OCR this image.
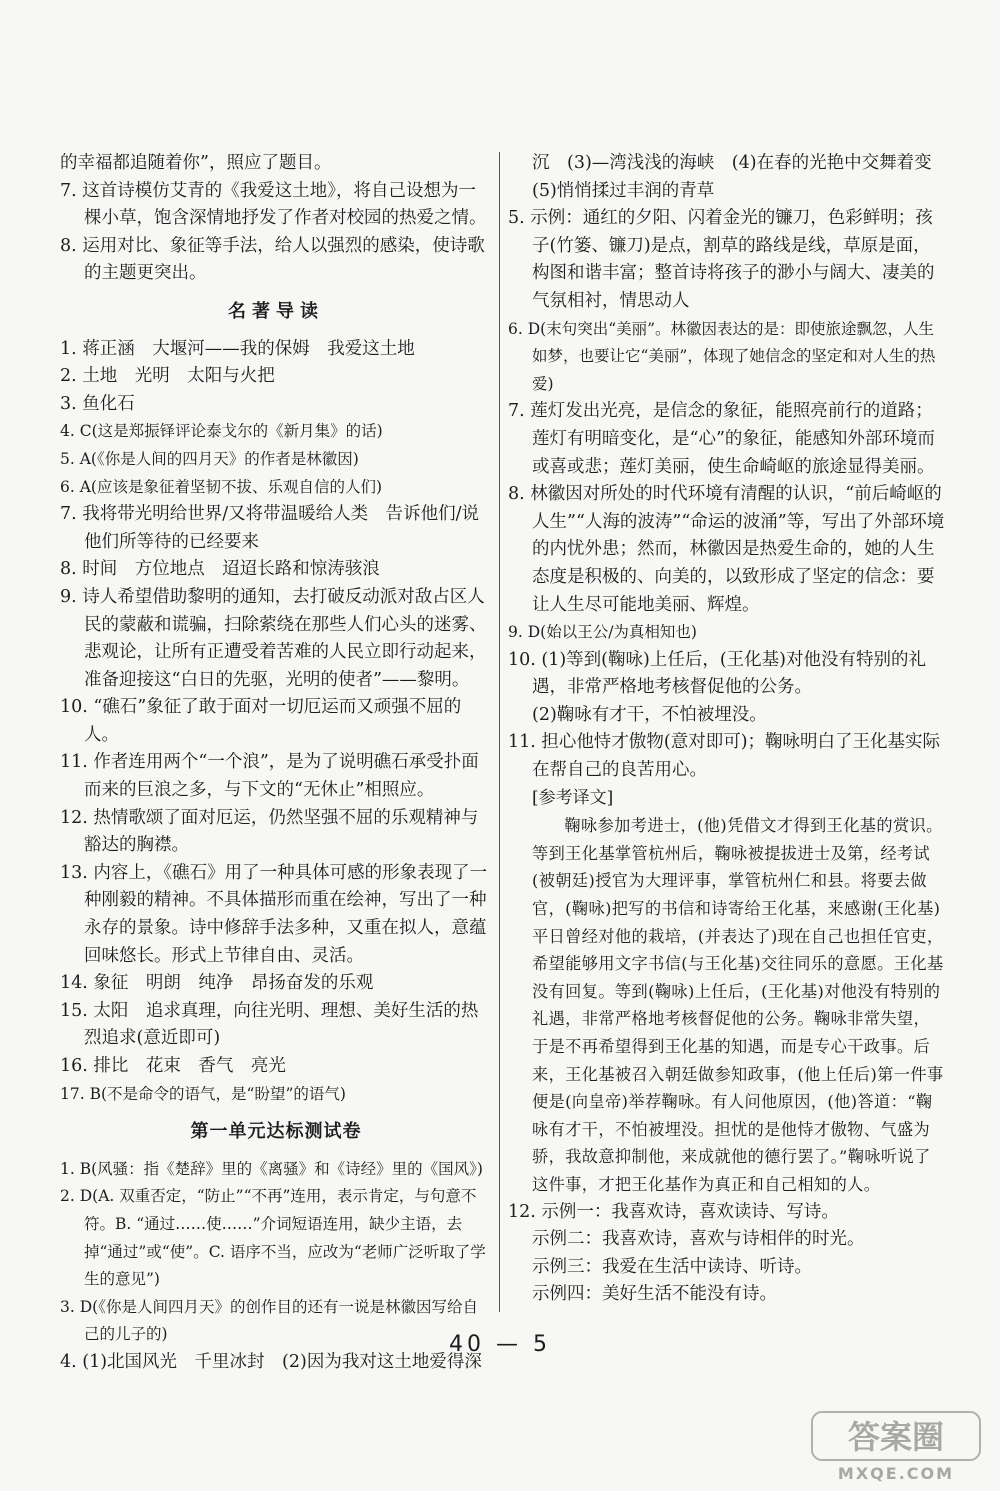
的幸福都追随着你”，照应了题目。

7. 这首诗模仿艾青的《我爱这土地》，将自己设想为一棵小草，饱含深情地抒发了作者对校园的热爱之情。

8. 运用对比、象征等手法，给人以强烈的感染，使诗歌的主题更突出。

名著导读

1. 蒋正涵　大堰河——我的保姆　我爱这土地

2. 土地　光明　太阳与火把

3. 鱼化石

4. C(这是郑振铎评论泰戈尔的《新月集》的话)

5. A(《你是人间的四月天》的作者是林徽因)

6. A(应该是象征着坚韧不拔、乐观自信的人们)

7. 我将带光明给世界/又将带温暖给人类　告诉他们/说他们所等待的已经要来

8. 时间　方位地点　迢迢长路和惊涛骇浪

9. 诗人希望借助黎明的通知，去打破反动派对敌占区人民的蒙蔽和谎骗，扫除萦绕在那些人们心头的迷雾、悲观论，让所有正遭受着苦难的人民立即行动起来，准备迎接这“白日的先驱，光明的使者”——黎明。

10. “礁石”象征了敢于面对一切厄运而又顽强不屈的人。

11. 作者连用两个“一个浪”，是为了说明礁石承受扑面而来的巨浪之多，与下文的“无休止”相照应。

12. 热情歌颂了面对厄运，仍然坚强不屈的乐观精神与豁达的胸襟。

13. 内容上，《礁石》用了一种具体可感的形象表现了一种刚毅的精神。不具体描形而重在绘神，写出了一种永存的景象。诗中修辞手法多种，又重在拟人，意蕴回味悠长。形式上节律自由、灵活。

14. 象征　明朗　纯净　昂扬奋发的乐观

15. 太阳　追求真理，向往光明、理想、美好生活的热烈追求(意近即可)

16. 排比　花束　香气　亮光

17. B(不是命令的语气，是“盼望”的语气)

第一单元达标测试卷

1. B(风骚：指《楚辞》里的《离骚》和《诗经》里的《国风》)

2. D(A. 双重否定，“防止”“不再”连用，表示肯定，与句意不符。B. “通过……使……”介词短语连用，缺少主语，去掉“通过”或“使”。C. 语序不当，应改为“老师广泛听取了学生的意见”)

3. D(《你是人间四月天》的创作目的还有一说是林徽因写给自己的儿子的)

4. (1)北国风光　千里冰封　(2)因为我对这土地爱得深

沉　(3)—湾浅浅的海峡　(4)在春的光艳中交舞着变

(5)悄悄揉过丰润的青草

5. 示例：通红的夕阳、闪着金光的镰刀，色彩鲜明；孩子(竹篓、镰刀)是点，割草的路线是线，草原是面，构图和谐丰富；整首诗将孩子的渺小与阔大、凄美的气氛相衬，情思动人

6. D(末句突出“美丽”。林徽因表达的是：即使旅途飘忽，人生如梦，也要让它“美丽”，体现了她信念的坚定和对人生的热爱)

7. 莲灯发出光亮，是信念的象征，能照亮前行的道路；莲灯有明暗变化，是“心”的象征，能感知外部环境而或喜或悲；莲灯美丽，使生命崎岖的旅途显得美丽。

8. 林徽因对所处的时代环境有清醒的认识，“前后崎岖的人生”“人海的波涛”“命运的波涌”等，写出了外部环境的内忧外患；然而，林徽因是热爱生命的，她的人生态度是积极的、向美的，以致形成了坚定的信念：要让人生尽可能地美丽、辉煌。

9. D(始以王公/为真相知也)

10. (1)等到(鞠咏)上任后，(王化基)对他没有特别的礼遇，非常严格地考核督促他的公务。

(2)鞠咏有才干，不怕被埋没。

11. 担心他恃才傲物(意对即可)；鞠咏明白了王化基实际在帮自己的良苦用心。

[参考译文]

鞠咏参加考进士，(他)凭借文才得到王化基的赏识。等到王化基掌管杭州后，鞠咏被提拔进士及第，经考试(被朝廷)授官为大理评事，掌管杭州仁和县。将要去做官，(鞠咏)把写的书信和诗寄给王化基，来感谢(王化基)平日曾经对他的栽培，(并表达了)现在自己也担任官吏，希望能够用文字书信(与王化基)交往同乐的意愿。王化基没有回复。等到(鞠咏)上任后，(王化基)对他没有特别的礼遇，非常严格地考核督促他的公务。鞠咏非常失望，于是不再希望得到王化基的知遇，而是专心干政事。后来，王化基被召入朝廷做参知政事，(他上任后)第一件事便是(向皇帝)举荐鞠咏。有人问他原因，(他)答道：“鞠咏有才干，不怕被埋没。担忧的是他恃才傲物、气盛为骄，我故意抑制他，来成就他的德行罢了。”鞠咏听说了这件事，才把王化基作为真正和自己相知的人。

12. 示例一：我喜欢诗，喜欢读诗、写诗。

示例二：我喜欢诗，喜欢与诗相伴的时光。

示例三：我爱在生活中读诗、听诗。

示例四：美好生活不能没有诗。

40 — 5
答案圈
MXQE.COM
